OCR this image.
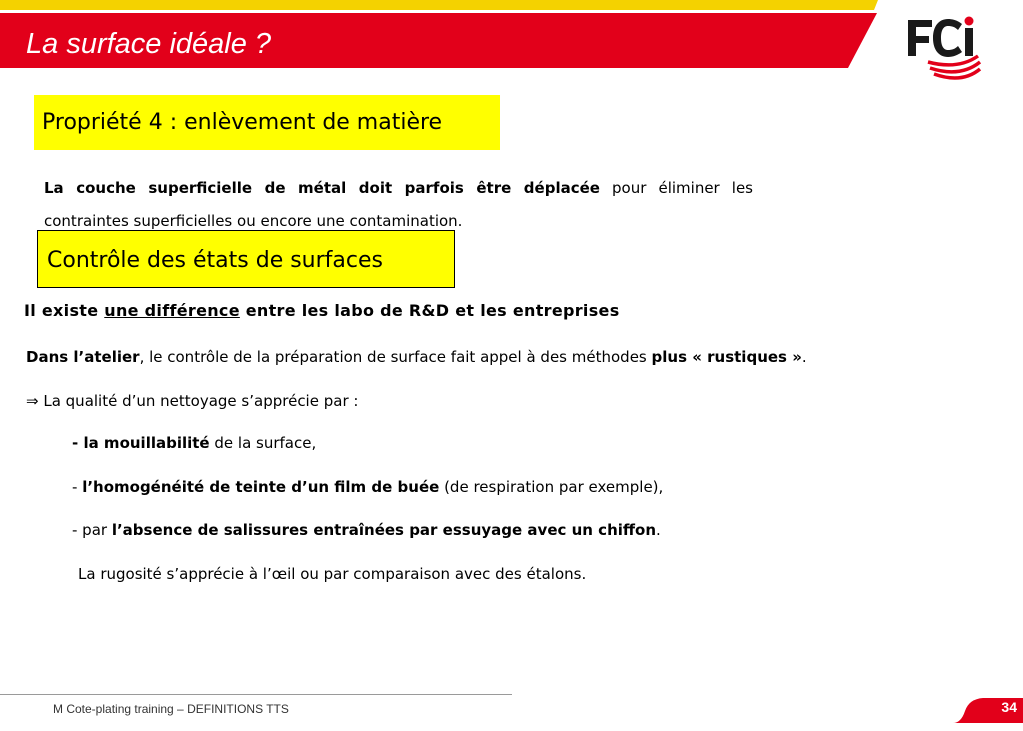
La surface idéale ?
Propriété 4 : enlèvement de matière
La couche superficielle de métal doit parfois être déplacée pour éliminer les contraintes superficielles ou encore une contamination.
Contrôle des états de surfaces
Il existe une différence entre les labo de R&D et les entreprises
Dans l’atelier, le contrôle de la préparation de surface fait appel à des méthodes plus « rustiques ».
⇒ La qualité d’un nettoyage s’apprécie par :
- la mouillabilité de la surface,
- l’homogénéité de teinte d’un film de buée (de respiration par exemple),
- par l’absence de salissures entraînées par essuyage avec un chiffon.
La rugosité s’apprécie à l’œil ou par comparaison avec des étalons.
M Cote-plating training – DEFINITIONS TTS	34
